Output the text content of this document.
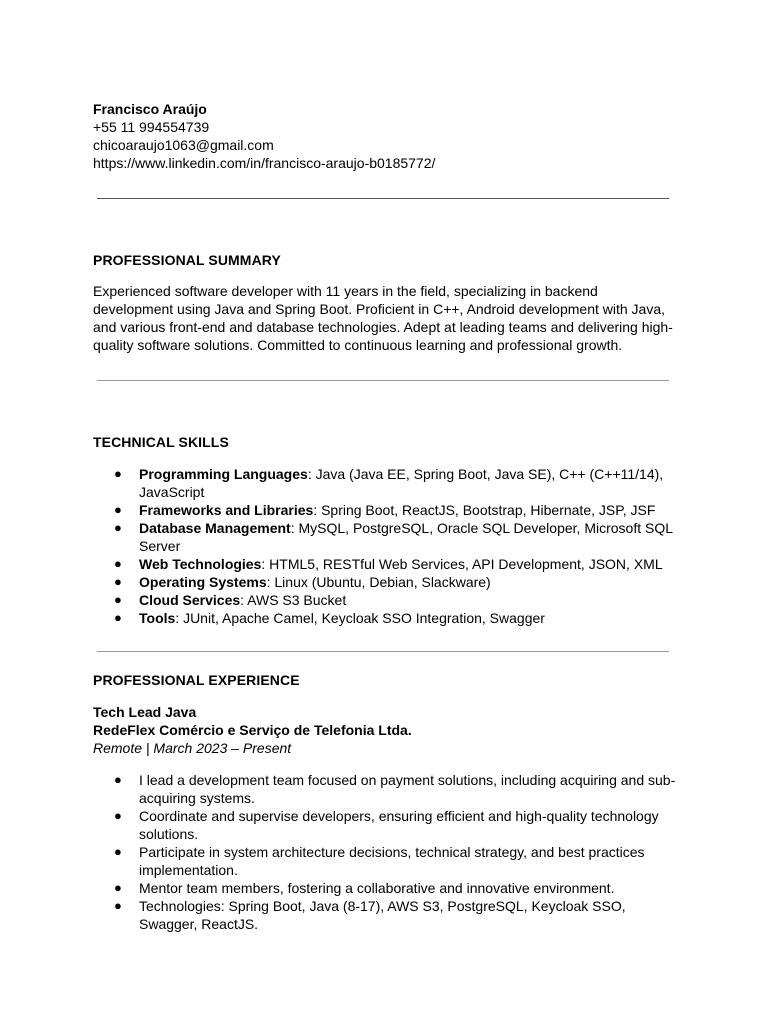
Francisco Araújo
+55 11 994554739
chicoaraujo1063@gmail.com
https://www.linkedin.com/in/francisco-araujo-b0185772/
PROFESSIONAL SUMMARY
Experienced software developer with 11 years in the field, specializing in backend development using Java and Spring Boot. Proficient in C++, Android development with Java, and various front-end and database technologies. Adept at leading teams and delivering high-quality software solutions. Committed to continuous learning and professional growth.
TECHNICAL SKILLS
● Programming Languages: Java (Java EE, Spring Boot, Java SE), C++ (C++11/14), JavaScript
● Frameworks and Libraries: Spring Boot, ReactJS, Bootstrap, Hibernate, JSP, JSF
● Database Management: MySQL, PostgreSQL, Oracle SQL Developer, Microsoft SQL Server
● Web Technologies: HTML5, RESTful Web Services, API Development, JSON, XML
● Operating Systems: Linux (Ubuntu, Debian, Slackware)
● Cloud Services: AWS S3 Bucket
● Tools: JUnit, Apache Camel, Keycloak SSO Integration, Swagger
PROFESSIONAL EXPERIENCE
Tech Lead Java
RedeFlex Comércio e Serviço de Telefonia Ltda.
Remote | March 2023 – Present
● I lead a development team focused on payment solutions, including acquiring and sub-acquiring systems.
● Coordinate and supervise developers, ensuring efficient and high-quality technology solutions.
● Participate in system architecture decisions, technical strategy, and best practices implementation.
● Mentor team members, fostering a collaborative and innovative environment.
● Technologies: Spring Boot, Java (8-17), AWS S3, PostgreSQL, Keycloak SSO, Swagger, ReactJS.
